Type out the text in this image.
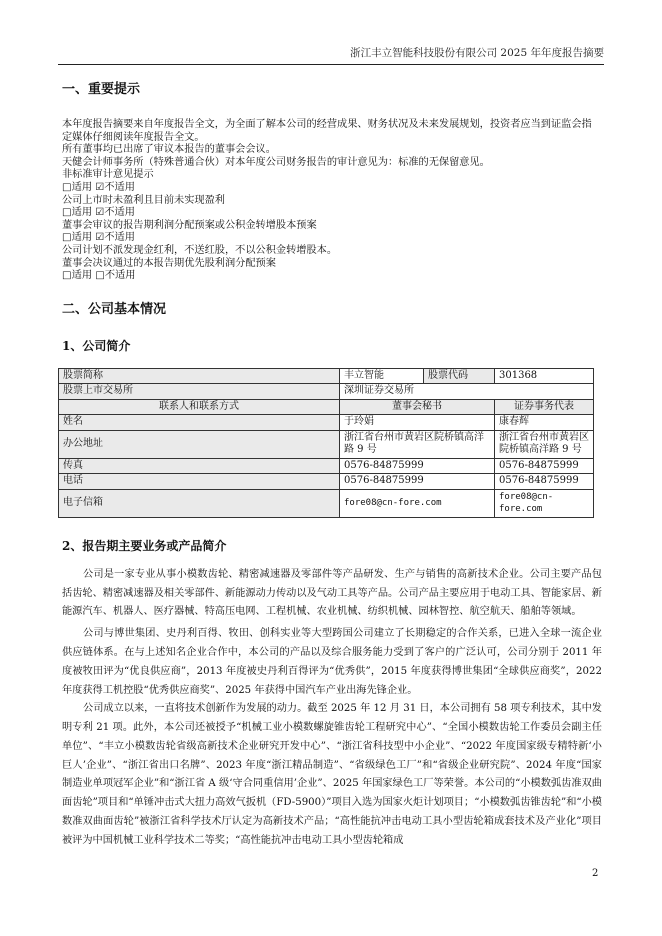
浙江丰立智能科技股份有限公司 2025 年年度报告摘要
一、重要提示
本年度报告摘要来自年度报告全文，为全面了解本公司的经营成果、财务状况及未来发展规划，投资者应当到证监会指
定媒体仔细阅读年度报告全文。
所有董事均已出席了审议本报告的董事会会议。
天健会计师事务所（特殊普通合伙）对本年度公司财务报告的审计意见为：标准的无保留意见。
非标准审计意见提示
□适用 ☑不适用
公司上市时未盈利且目前未实现盈利
□适用 ☑不适用
董事会审议的报告期利润分配预案或公积金转增股本预案
□适用 ☑不适用
公司计划不派发现金红利，不送红股，不以公积金转增股本。
董事会决议通过的本报告期优先股利润分配预案
□适用 □不适用
二、公司基本情况
1、公司简介
股票简称	丰立智能	股票代码	301368
股票上市交易所	深圳证券交易所		
联系人和联系方式	董事会秘书		证券事务代表
姓名	于玲娟		康春辉
办公地址	浙江省台州市黄岩区院桥镇高洋路 9 号		浙江省台州市黄岩区院桥镇高洋路 9 号
传真	0576-84875999		0576-84875999
电话	0576-84875999		0576-84875999
电子信箱	fore08@cn-fore.com		fore08@cn-fore.com
2、报告期主要业务或产品简介

公司是一家专业从事小模数齿轮、精密减速器及零部件等产品研发、生产与销售的高新技术企业。公司主要产品包括齿轮、精密减速器及相关零部件、新能源动力传动以及气动工具等产品。公司产品主要应用于电动工具、智能家居、新能源汽车、机器人、医疗器械、特高压电网、工程机械、农业机械、纺织机械、园林智控、航空航天、船舶等领域。

公司与博世集团、史丹利百得、牧田、创科实业等大型跨国公司建立了长期稳定的合作关系，已进入全球一流企业供应链体系。在与上述知名企业合作中，本公司的产品以及综合服务能力受到了客户的广泛认可，公司分别于 2011 年度被牧田评为“优良供应商”，2013 年度被史丹利百得评为“优秀供”，2015 年度获得博世集团“全球供应商奖”，2022 年度获得工机控股“优秀供应商奖”、2025 年获得中国汽车产业出海先锋企业。

公司成立以来，一直将技术创新作为发展的动力。截至 2025 年 12 月 31 日，本公司拥有 58 项专利技术，其中发明专利 21 项。此外，本公司还被授予“机械工业小模数螺旋锥齿轮工程研究中心”、“全国小模数齿轮工作委员会副主任单位”、“丰立小模数齿轮省级高新技术企业研究开发中心”、“浙江省科技型中小企业”、“2022 年度国家级专精特新‘小巨人’企业”、“浙江省出口名牌”、2023 年度“浙江精品制造”、“省级绿色工厂”和“省级企业研究院”、2024 年度“国家制造业单项冠军企业”和“浙江省 A 级‘守合同重信用’企业”、2025 年国家绿色工厂等荣誉。本公司的“小模数弧齿准双曲面齿轮”项目和“单锤冲击式大扭力高效气扳机（FD-5900）”项目入选为国家火炬计划项目；“小模数弧齿锥齿轮”和“小模数准双曲面齿轮”被浙江省科学技术厅认定为高新技术产品；“高性能抗冲击电动工具小型齿轮箱成套技术及产业化”项目被评为中国机械工业科学技术二等奖；“高性能抗冲击电动工具小型齿轮箱成

2
